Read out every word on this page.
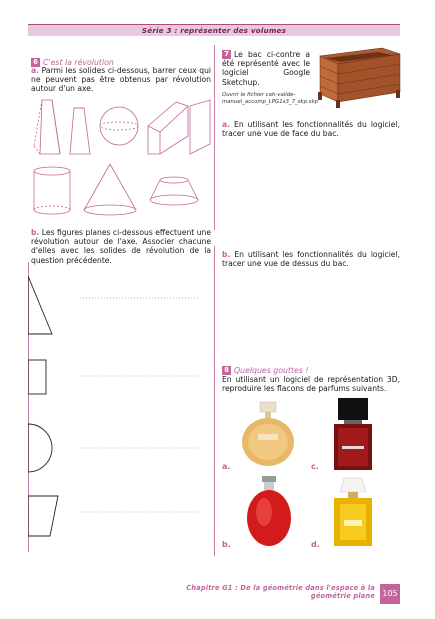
Série 3 : représenter des volumes
6 C'est la révolution
a. Parmi les solides ci-dessous, barrer ceux qui ne peuvent pas être obtenus par révolution autour d'un axe.
b. Les figures planes ci-dessous effectuent une révolution autour de l'axe. Associer chacune d'elles avec les solides de révolution de la question précédente.
7 Le bac ci-contre a été représenté avec le logiciel Google Sketchup.
Ouvrir le fichier cah-valide-manuel_accomp_LPG1s3_7_skp.skp
a. En utilisant les fonctionnalités du logiciel, tracer une vue de face du bac.
b. En utilisant les fonctionnalités du logiciel, tracer une vue de dessus du bac.
8 Quelques gouttes !
En utilisant un logiciel de représentation 3D, reproduire les flacons de parfums suivants.
a.	c.
b.	d.
Chapitre G1 : De la géométrie dans l'espace à la géométrie plane 105
